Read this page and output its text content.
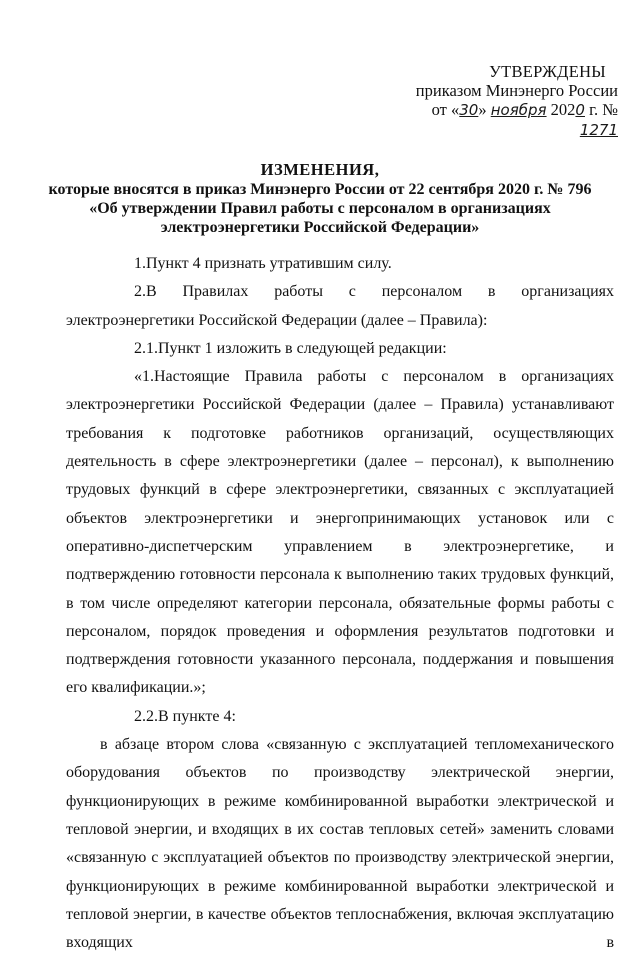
УТВЕРЖДЕНЫ
приказом Минэнерго России
от «30» ноября 2020 г. № 1271
ИЗМЕНЕНИЯ,
которые вносятся в приказ Минэнерго России от 22 сентября 2020 г. № 796
«Об утверждении Правил работы с персоналом в организациях
электроэнергетики Российской Федерации»

1.Пункт 4 признать утратившим силу.

2.В Правилах работы с персоналом в организациях электроэнергетики Российской Федерации (далее – Правила):

2.1.Пункт 1 изложить в следующей редакции:

«1.Настоящие Правила работы с персоналом в организациях электроэнергетики Российской Федерации (далее – Правила) устанавливают требования к подготовке работников организаций, осуществляющих деятельность в сфере электроэнергетики (далее – персонал), к выполнению трудовых функций в сфере электроэнергетики, связанных с эксплуатацией объектов электроэнергетики и энергопринимающих установок или с оперативно-диспетчерским управлением в электроэнергетике, и подтверждению готовности персонала к выполнению таких трудовых функций, в том числе определяют категории персонала, обязательные формы работы с персоналом, порядок проведения и оформления результатов подготовки и подтверждения готовности указанного персонала, поддержания и повышения его квалификации.»;

2.2.В пункте 4:

в абзаце втором слова «связанную с эксплуатацией тепломеханического оборудования объектов по производству электрической энергии, функционирующих в режиме комбинированной выработки электрической и тепловой энергии, и входящих в их состав тепловых сетей» заменить словами «связанную с эксплуатацией объектов по производству электрической энергии, функционирующих в режиме комбинированной выработки электрической и тепловой энергии, в качестве объектов теплоснабжения, включая эксплуатацию входящих в
